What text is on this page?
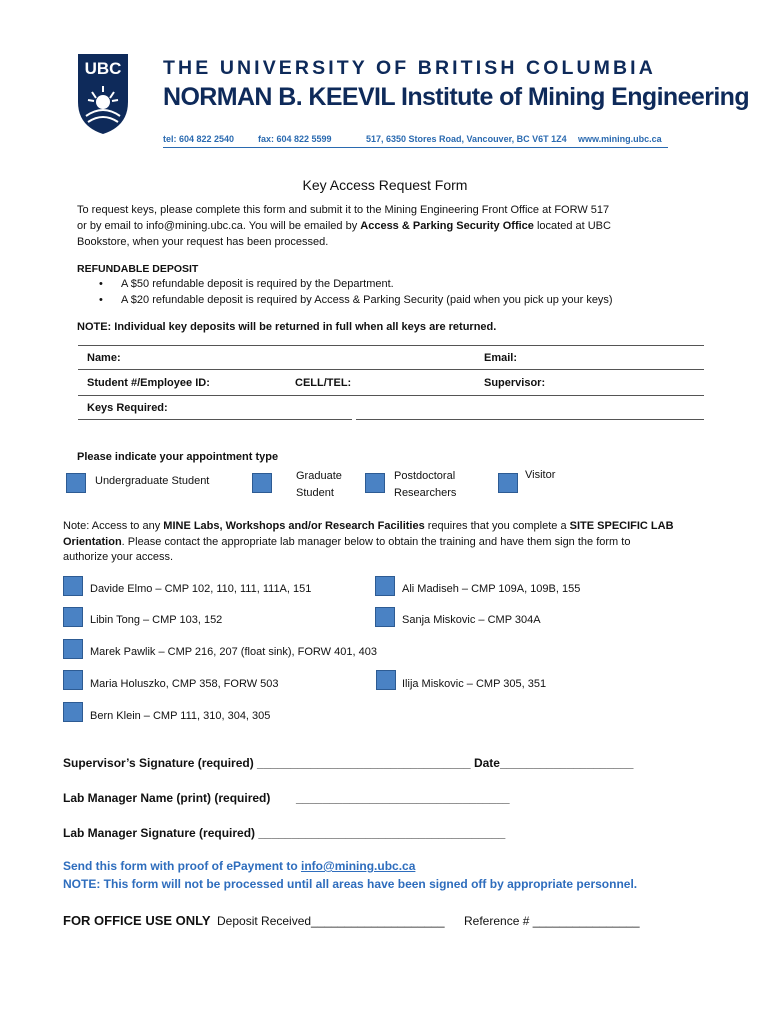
UBC THE UNIVERSITY OF BRITISH COLUMBIA
NORMAN B. KEEVIL Institute of Mining Engineering
tel: 604 822 2540	fax: 604 822 5599	517, 6350 Stores Road, Vancouver, BC V6T 1Z4 www.mining.ubc.ca
Key Access Request Form
To request keys, please complete this form and submit it to the Mining Engineering Front Office at FORW 517
or by email to info@mining.ubc.ca. You will be emailed by Access & Parking Security Office located at UBC
Bookstore, when your request has been processed.
REFUNDABLE DEPOSIT
• A $50 refundable deposit is required by the Department.
• A $20 refundable deposit is required by Access & Parking Security (paid when you pick up your keys)
NOTE: Individual key deposits will be returned in full when all keys are returned.
Name:	Email:
Student #/Employee ID:	CELL/TEL:	Supervisor:
Keys Required:
Please indicate your appointment type
Undergraduate Student	Graduate
Student
Postdoctoral
Researchers
Visitor
Note: Access to any MINE Labs, Workshops and/or Research Facilities requires that you complete a SITE SPECIFIC LAB
Orientation. Please contact the appropriate lab manager below to obtain the training and have them sign the form to
authorize your access.
Davide Elmo – CMP 102, 110, 111, 111A, 151	Ali Madiseh – CMP 109A, 109B, 155
Libin Tong – CMP 103, 152	Sanja Miskovic – CMP 304A
Marek Pawlik – CMP 216, 207 (float sink), FORW 401, 403
Maria Holuszko, CMP 358, FORW 503	Ilija Miskovic – CMP 305, 351
Bern Klein – CMP 111, 310, 304, 305
Supervisor’s Signature (required) ________________________________ Date____________________
Lab Manager Name (print) (required) ________________________________
Lab Manager Signature (required) _____________________________________
Send this form with proof of ePayment to info@mining.ubc.ca
NOTE: This form will not be processed until all areas have been signed off by appropriate personnel.
FOR OFFICE USE ONLY Deposit Received____________________ Reference # ________________
